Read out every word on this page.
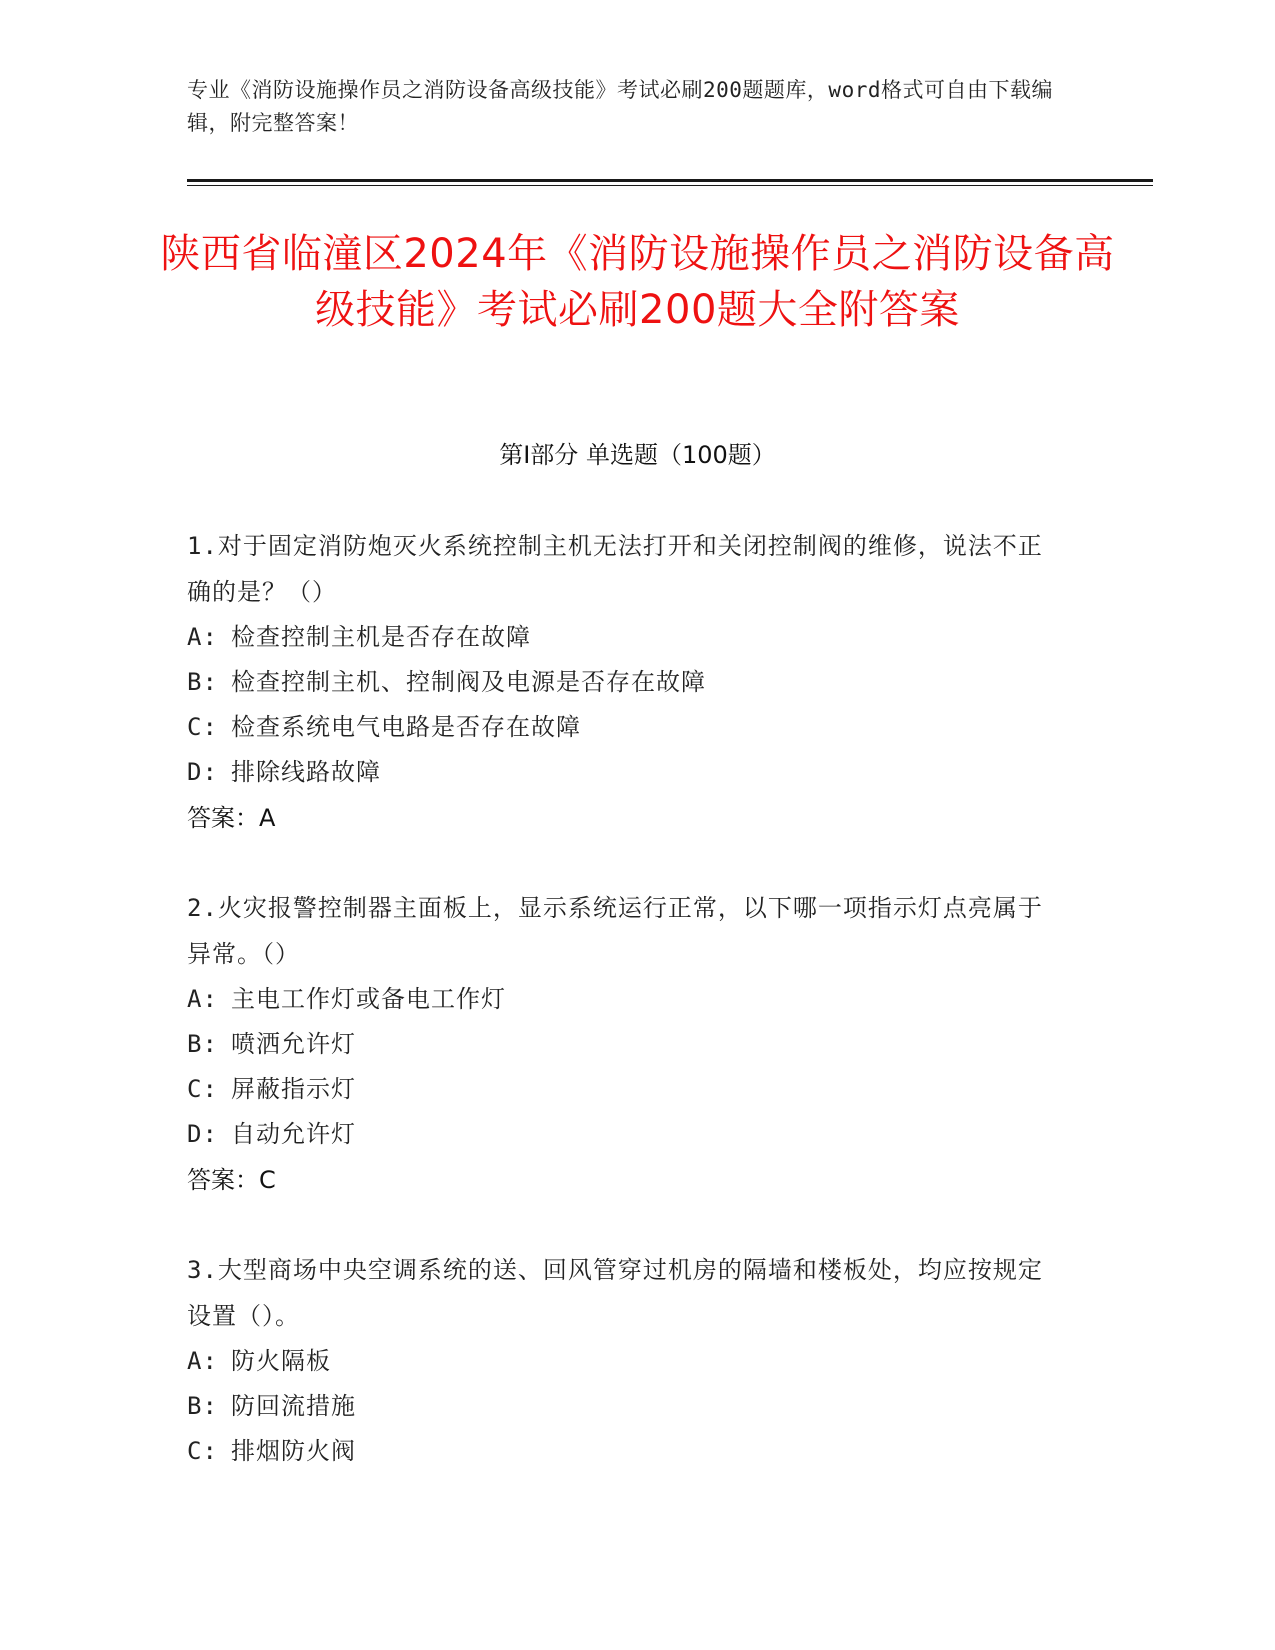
专业《消防设施操作员之消防设备高级技能》考试必刷200题题库，word格式可自由下载编辑，附完整答案！
陕西省临潼区2024年《消防设施操作员之消防设备高级技能》考试必刷200题大全附答案
第Ⅰ部分 单选题（100题）
1.对于固定消防炮灭火系统控制主机无法打开和关闭控制阀的维修，说法不正确的是？（）
A: 检查控制主机是否存在故障
B: 检查控制主机、控制阀及电源是否存在故障
C: 检查系统电气电路是否存在故障
D: 排除线路故障
答案：A
2.火灾报警控制器主面板上，显示系统运行正常，以下哪一项指示灯点亮属于异常。（）
A: 主电工作灯或备电工作灯
B: 喷洒允许灯
C: 屏蔽指示灯
D: 自动允许灯
答案：C
3.大型商场中央空调系统的送、回风管穿过机房的隔墙和楼板处，均应按规定设置（）。
A: 防火隔板
B: 防回流措施
C: 排烟防火阀
